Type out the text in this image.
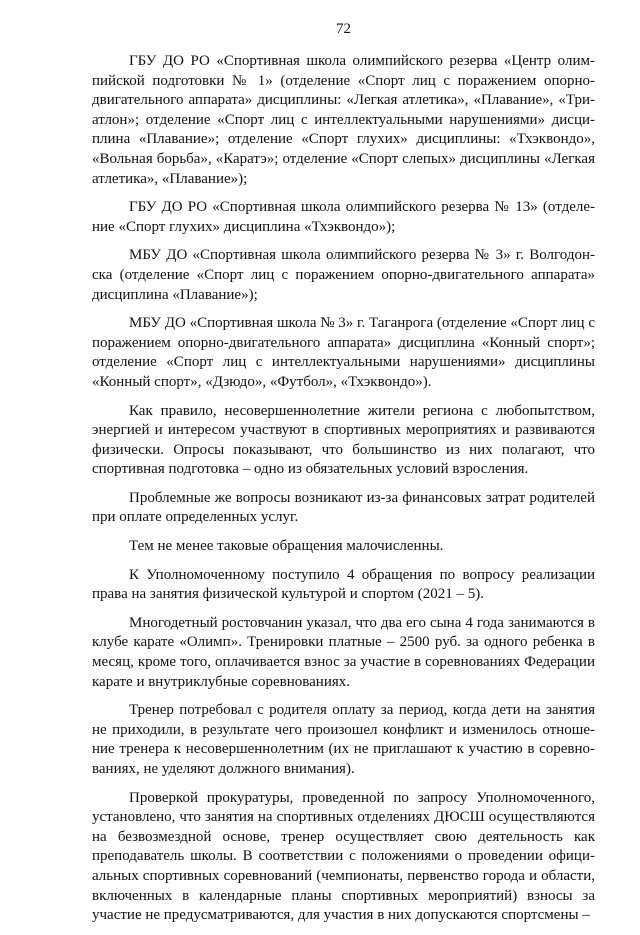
72

ГБУ ДО РО «Спортивная школа олимпийского резерва «Центр олимпийской подготовки № 1» (отделение «Спорт лиц с поражением опорно-двигательного аппарата» дисциплины: «Легкая атлетика», «Плавание», «Триатлон»; отделение «Спорт лиц с интеллектуальными нарушениями» дисциплина «Плавание»; отделение «Спорт глухих» дисциплины: «Тхэквондо», «Вольная борьба», «Каратэ»; отделение «Спорт слепых» дисциплины «Легкая атлетика», «Плавание»);

ГБУ ДО РО «Спортивная школа олимпийского резерва № 13» (отделение «Спорт глухих» дисциплина «Тхэквондо»);

МБУ ДО «Спортивная школа олимпийского резерва № 3» г. Волгодонска (отделение «Спорт лиц с поражением опорно-двигательного аппарата» дисциплина «Плавание»);

МБУ ДО «Спортивная школа № 3» г. Таганрога (отделение «Спорт лиц с поражением опорно-двигательного аппарата» дисциплина «Конный спорт»; отделение «Спорт лиц с интеллектуальными нарушениями» дисциплины «Конный спорт», «Дзюдо», «Футбол», «Тхэквондо»).

Как правило, несовершеннолетние жители региона с любопытством, энергией и интересом участвуют в спортивных мероприятиях и развиваются физически. Опросы показывают, что большинство из них полагают, что спортивная подготовка – одно из обязательных условий взросления.

Проблемные же вопросы возникают из-за финансовых затрат родителей при оплате определенных услуг.

Тем не менее таковые обращения малочисленны.

К Уполномоченному поступило 4 обращения по вопросу реализации права на занятия физической культурой и спортом (2021 – 5).

Многодетный ростовчанин указал, что два его сына 4 года занимаются в клубе карате «Олимп». Тренировки платные – 2500 руб. за одного ребенка в месяц, кроме того, оплачивается взнос за участие в соревнованиях Федерации карате и внутриклубные соревнованиях.

Тренер потребовал с родителя оплату за период, когда дети на занятия не приходили, в результате чего произошел конфликт и изменилось отношение тренера к несовершеннолетним (их не приглашают к участию в соревнованиях, не уделяют должного внимания).

Проверкой прокуратуры, проведенной по запросу Уполномоченного, установлено, что занятия на спортивных отделениях ДЮСШ осуществляются на безвозмездной основе, тренер осуществляет свою деятельность как преподаватель школы. В соответствии с положениями о проведении официальных спортивных соревнований (чемпионаты, первенство города и области, включенных в календарные планы спортивных мероприятий) взносы за участие не предусматриваются, для участия в них допускаются спортсмены –
